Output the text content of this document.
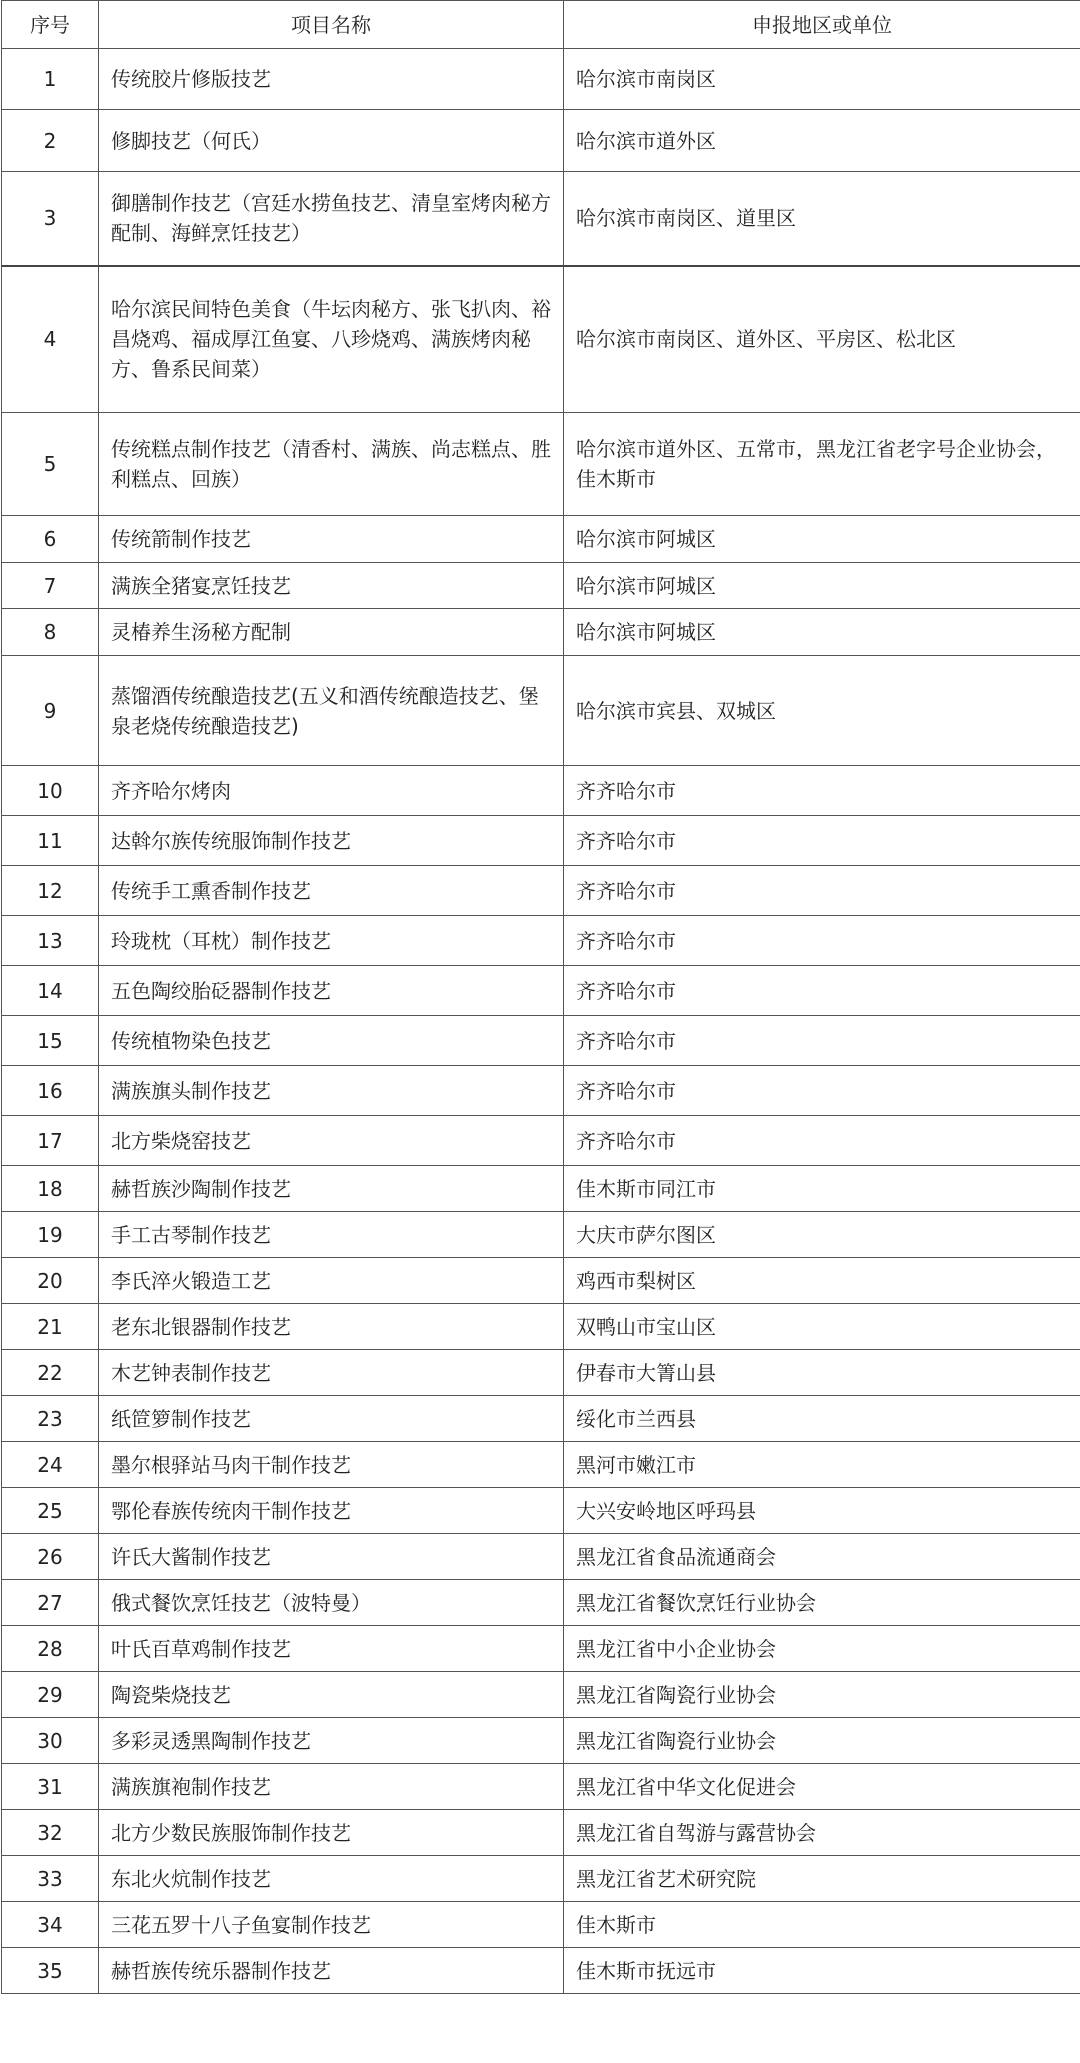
序号	项目名称	申报地区或单位
1	传统胶片修版技艺	哈尔滨市南岗区
2	修脚技艺（何氏）	哈尔滨市道外区
3	御膳制作技艺（宫廷水捞鱼技艺、清皇室烤肉秘方配制、海鲜烹饪技艺）	哈尔滨市南岗区、道里区
4	哈尔滨民间特色美食（牛坛肉秘方、张飞扒肉、裕昌烧鸡、福成厚江鱼宴、八珍烧鸡、满族烤肉秘方、鲁系民间菜）	哈尔滨市南岗区、道外区、平房区、松北区
5	传统糕点制作技艺（清香村、满族、尚志糕点、胜利糕点、回族）	哈尔滨市道外区、五常市，黑龙江省老字号企业协会，佳木斯市
6	传统箭制作技艺	哈尔滨市阿城区
7	满族全猪宴烹饪技艺	哈尔滨市阿城区
8	灵椿养生汤秘方配制	哈尔滨市阿城区
9	蒸馏酒传统酿造技艺(五义和酒传统酿造技艺、堡泉老烧传统酿造技艺)	哈尔滨市宾县、双城区
10	齐齐哈尔烤肉	齐齐哈尔市
11	达斡尔族传统服饰制作技艺	齐齐哈尔市
12	传统手工熏香制作技艺	齐齐哈尔市
13	玲珑枕（耳枕）制作技艺	齐齐哈尔市
14	五色陶绞胎砭器制作技艺	齐齐哈尔市
15	传统植物染色技艺	齐齐哈尔市
16	满族旗头制作技艺	齐齐哈尔市
17	北方柴烧窑技艺	齐齐哈尔市
18	赫哲族沙陶制作技艺	佳木斯市同江市
19	手工古琴制作技艺	大庆市萨尔图区
20	李氏淬火锻造工艺	鸡西市梨树区
21	老东北银器制作技艺	双鸭山市宝山区
22	木艺钟表制作技艺	伊春市大箐山县
23	纸笸箩制作技艺	绥化市兰西县
24	墨尔根驿站马肉干制作技艺	黑河市嫩江市
25	鄂伦春族传统肉干制作技艺	大兴安岭地区呼玛县
26	许氏大酱制作技艺	黑龙江省食品流通商会
27	俄式餐饮烹饪技艺（波特曼）	黑龙江省餐饮烹饪行业协会
28	叶氏百草鸡制作技艺	黑龙江省中小企业协会
29	陶瓷柴烧技艺	黑龙江省陶瓷行业协会
30	多彩灵透黑陶制作技艺	黑龙江省陶瓷行业协会
31	满族旗袍制作技艺	黑龙江省中华文化促进会
32	北方少数民族服饰制作技艺	黑龙江省自驾游与露营协会
33	东北火炕制作技艺	黑龙江省艺术研究院
34	三花五罗十八子鱼宴制作技艺	佳木斯市
35	赫哲族传统乐器制作技艺	佳木斯市抚远市
